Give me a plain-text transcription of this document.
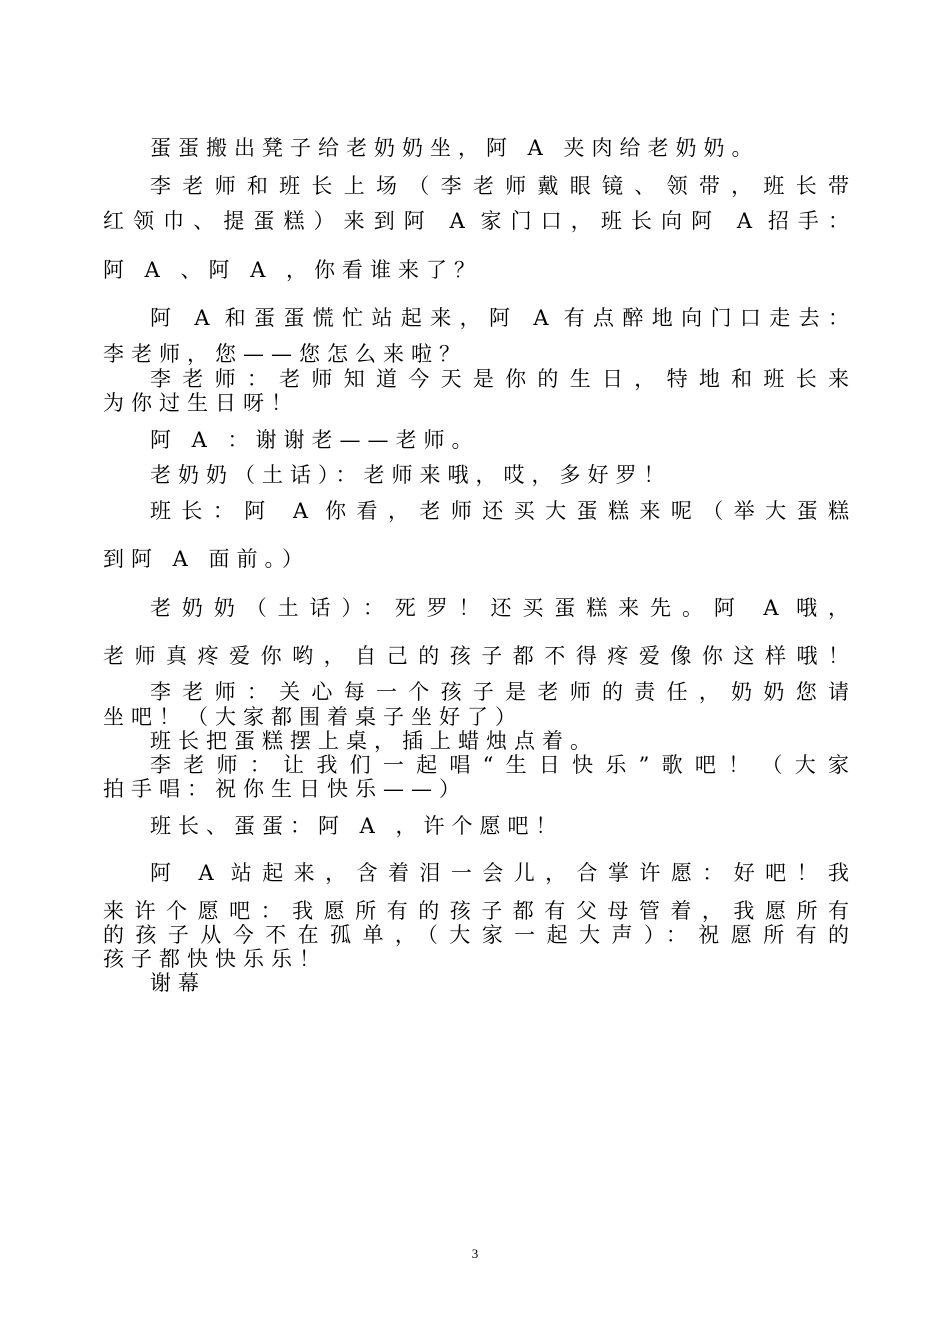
蛋蛋搬出凳子给老奶奶坐，阿 A 夹肉给老奶奶。
李老师和班长上场（李老师戴眼镜、领带，班长带
红领巾、提蛋糕）来到阿 A 家门口，班长向阿 A 招手：
阿 A 、阿 A ，你看谁来了？
阿 A 和蛋蛋慌忙站起来，阿 A 有点醉地向门口走去：
李老师，您——您怎么来啦？
李老师：老师知道今天是你的生日，特地和班长来
为你过生日呀！
阿 A ：谢谢老——老师。
老奶奶（土话）：老师来哦，哎，多好罗！
班长：阿 A 你看，老师还买大蛋糕来呢（举大蛋糕
到阿 A 面前。）
老奶奶（土话）：死罗！还买蛋糕来先。阿 A 哦，
老师真疼爱你哟，自己的孩子都不得疼爱像你这样哦！
李老师：关心每一个孩子是老师的责任，奶奶您请
坐吧！（大家都围着桌子坐好了）
班长把蛋糕摆上桌，插上蜡烛点着。
李老师：让我们一起唱“生日快乐”歌吧！（大家
拍手唱：祝你生日快乐——）
班长、蛋蛋：阿 A ，许个愿吧！
阿 A 站起来，含着泪一会儿，合掌许愿：好吧！我
来许个愿吧：我愿所有的孩子都有父母管着，我愿所有
的孩子从今不在孤单，（大家一起大声）：祝愿所有的
孩子都快快乐乐！
谢幕
3
